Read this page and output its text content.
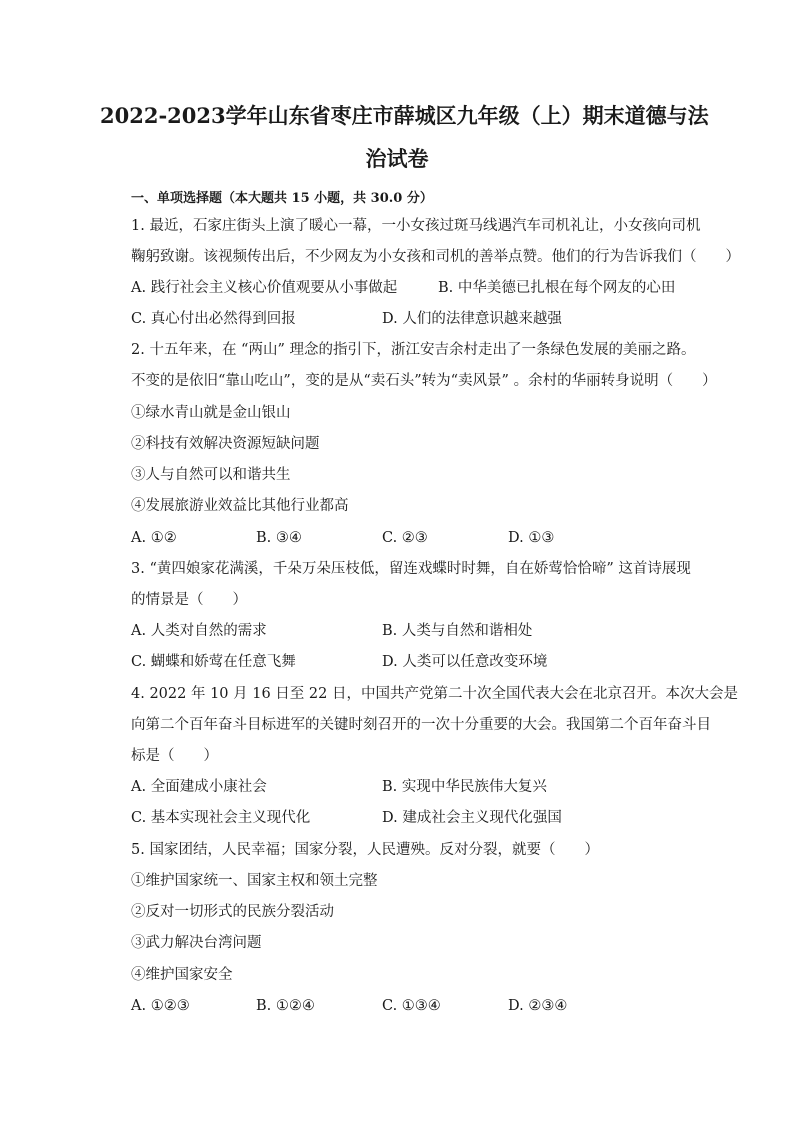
2022-2023学年山东省枣庄市薛城区九年级（上）期末道德与法
治试卷
一、单项选择题（本大题共 15 小题，共 30.0 分）
1. 最近，石家庄街头上演了暖心一幕，一小女孩过斑马线遇汽车司机礼让，小女孩向司机
鞠躬致谢。该视频传出后，不少网友为小女孩和司机的善举点赞。他们的行为告诉我们（　　）
A. 践行社会主义核心价值观要从小事做起	B. 中华美德已扎根在每个网友的心田
C. 真心付出必然得到回报	D. 人们的法律意识越来越强
2. 十五年来，在 “两山” 理念的指引下，浙江安吉余村走出了一条绿色发展的美丽之路。
不变的是依旧“靠山吃山”，变的是从“卖石头”转为“卖风景” 。余村的华丽转身说明（　　）
①绿水青山就是金山银山
②科技有效解决资源短缺问题
③人与自然可以和谐共生
④发展旅游业效益比其他行业都高
A. ①②	B. ③④	C. ②③	D. ①③
3. “黄四娘家花满溪，千朵万朵压枝低，留连戏蝶时时舞，自在娇莺恰恰啼” 这首诗展现
的情景是（　　）
A. 人类对自然的需求	B. 人类与自然和谐相处
C. 蝴蝶和娇莺在任意飞舞	D. 人类可以任意改变环境
4. 2022 年 10 月 16 日至 22 日，中国共产党第二十次全国代表大会在北京召开。本次大会是
向第二个百年奋斗目标进军的关键时刻召开的一次十分重要的大会。我国第二个百年奋斗目
标是（　　）
A. 全面建成小康社会	B. 实现中华民族伟大复兴
C. 基本实现社会主义现代化	D. 建成社会主义现代化强国
5. 国家团结，人民幸福；国家分裂，人民遭殃。反对分裂，就要（　　）
①维护国家统一、国家主权和领土完整
②反对一切形式的民族分裂活动
③武力解决台湾问题
④维护国家安全
A. ①②③	B. ①②④	C. ①③④	D. ②③④
